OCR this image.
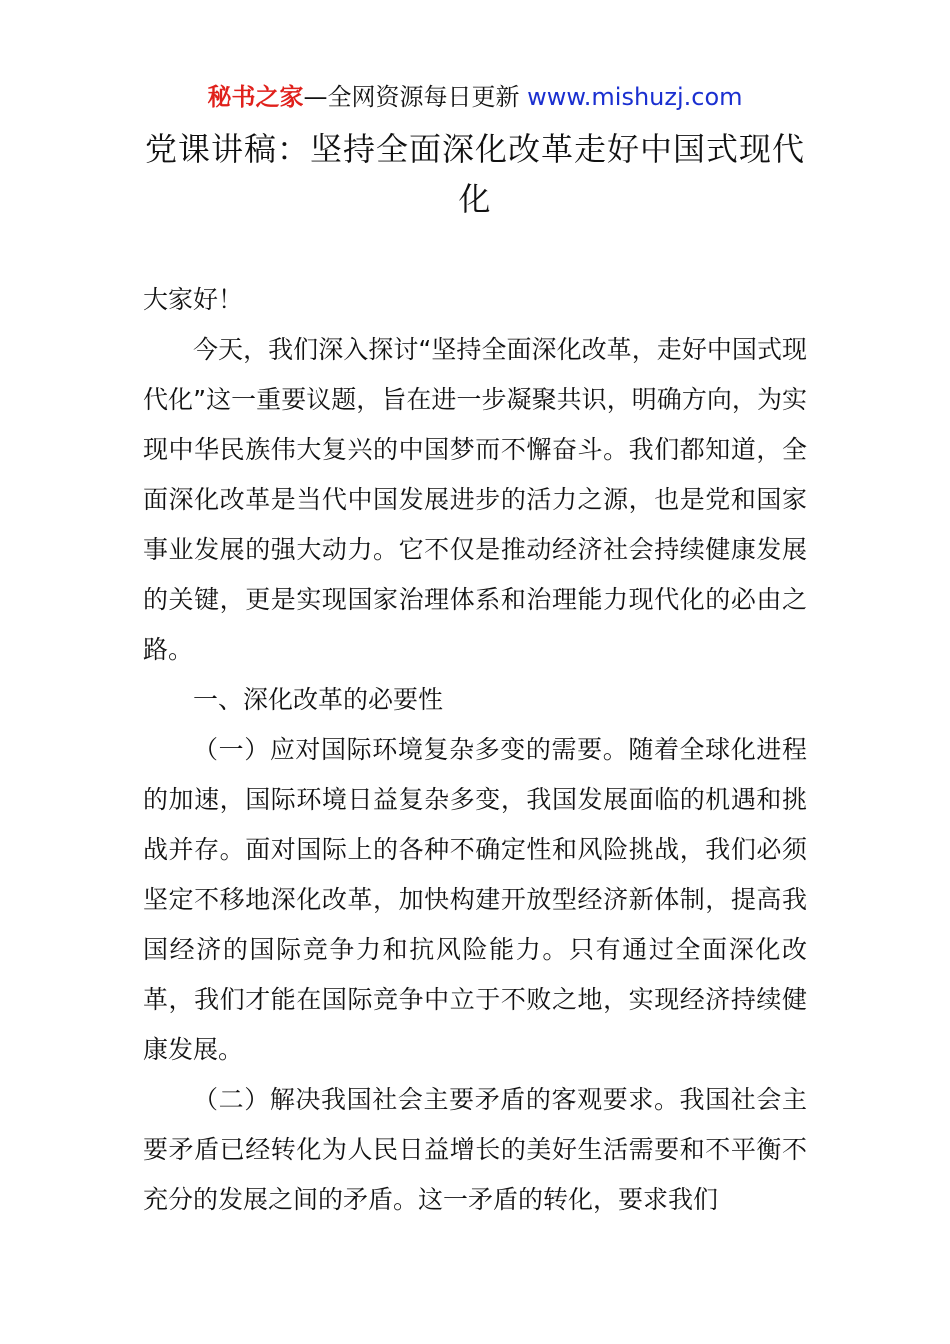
秘书之家—全网资源每日更新 www.mishuzj.com
党课讲稿：坚持全面深化改革走好中国式现代化

大家好！

今天，我们深入探讨“坚持全面深化改革，走好中国式现代化”这一重要议题，旨在进一步凝聚共识，明确方向，为实现中华民族伟大复兴的中国梦而不懈奋斗。我们都知道，全面深化改革是当代中国发展进步的活力之源，也是党和国家事业发展的强大动力。它不仅是推动经济社会持续健康发展的关键，更是实现国家治理体系和治理能力现代化的必由之路。

一、深化改革的必要性

（一）应对国际环境复杂多变的需要。随着全球化进程的加速，国际环境日益复杂多变，我国发展面临的机遇和挑战并存。面对国际上的各种不确定性和风险挑战，我们必须坚定不移地深化改革，加快构建开放型经济新体制，提高我国经济的国际竞争力和抗风险能力。只有通过全面深化改革，我们才能在国际竞争中立于不败之地，实现经济持续健康发展。

（二）解决我国社会主要矛盾的客观要求。我国社会主要矛盾已经转化为人民日益增长的美好生活需要和不平衡不充分的发展之间的矛盾。这一矛盾的转化，要求我们
